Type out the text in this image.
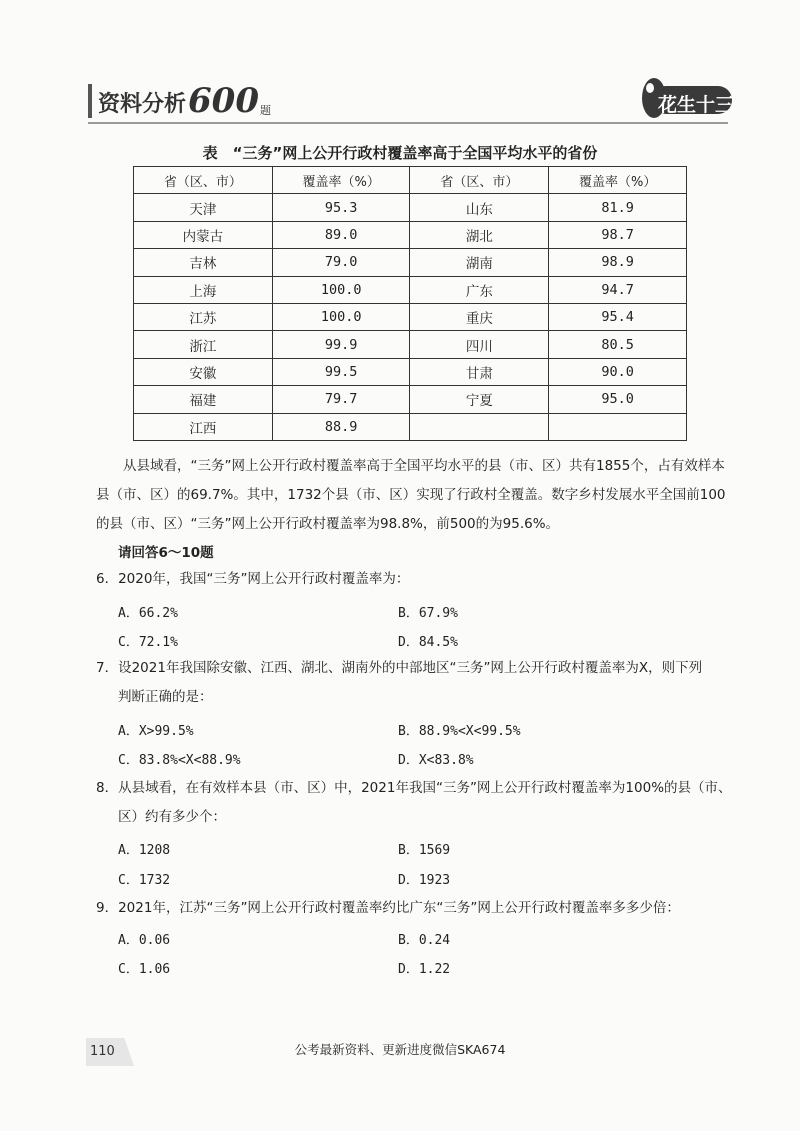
资料分析 600 题	花生十三
表　“三务”网上公开行政村覆盖率高于全国平均水平的省份
省（区、市）	覆盖率（%）	省（区、市）	覆盖率（%）
天津	95.3	山东	81.9
内蒙古	89.0	湖北	98.7
吉林	79.0	湖南	98.9
上海	100.0	广东	94.7
江苏	100.0	重庆	95.4
浙江	99.9	四川	80.5
安徽	99.5	甘肃	90.0
福建	79.7	宁夏	95.0
江西	88.9		
从县域看，“三务”网上公开行政村覆盖率高于全国平均水平的县（市、区）共有1855个，占有效样本县（市、区）的69.7%。其中，1732个县（市、区）实现了行政村全覆盖。数字乡村发展水平全国前100的县（市、区）“三务”网上公开行政村覆盖率为98.8%，前500的为95.6%。
请回答6～10题
6．2020年，我国“三务”网上公开行政村覆盖率为：
A．66.2%	B．67.9%
C．72.1%	D．84.5%
7．设2021年我国除安徽、江西、湖北、湖南外的中部地区“三务”网上公开行政村覆盖率为X，则下列
判断正确的是：
A．X>99.5%	B．88.9%<X<99.5%
C．83.8%<X<88.9%	D．X<83.8%
8．从县域看，在有效样本县（市、区）中，2021年我国“三务”网上公开行政村覆盖率为100%的县（市、
区）约有多少个：
A．1208	B．1569
C．1732	D．1923
9．2021年，江苏“三务”网上公开行政村覆盖率约比广东“三务”网上公开行政村覆盖率多多少倍：
A．0.06	B．0.24
C．1.06	D．1.22
110	公考最新资料、更新进度微信SKA674
